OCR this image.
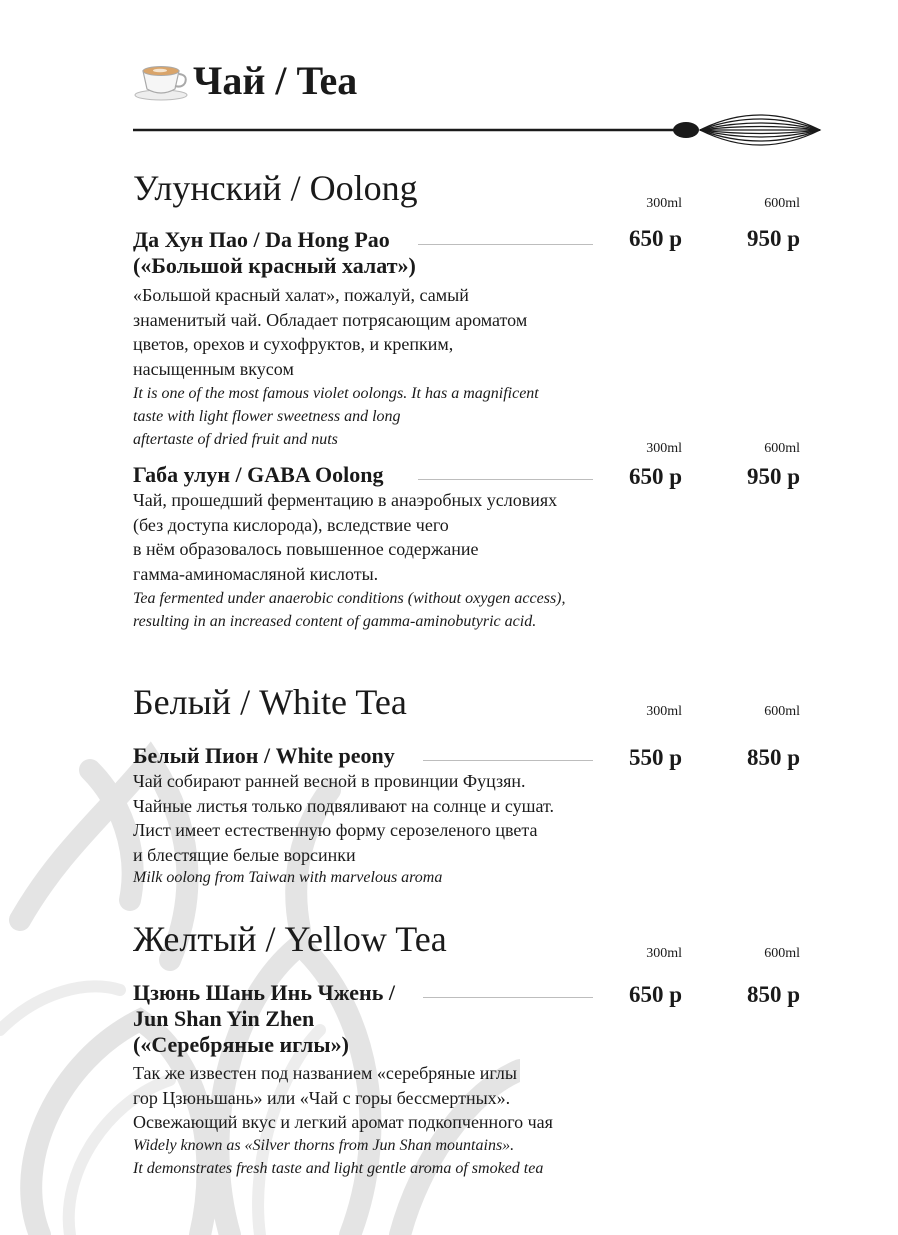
Чай / Tea
Улунский / Oolong	300ml	600ml
650 р	950 р
Да Хун Пао / Da Hong Pao
(«Большой красный халат»)
«Большой красный халат», пожалуй, самый
знаменитый чай. Обладает потрясающим ароматом
цветов, орехов и сухофруктов, и крепким,
насыщенным вкусом
It is one of the most famous violet oolongs. It has a magnificent
taste with light flower sweetness and long
aftertaste of dried fruit and nuts
300ml	600ml
650 р	950 р
Габа улун / GABA Oolong
Чай, прошедший ферментацию в анаэробных условиях
(без доступа кислорода), вследствие чего
в нём образовалось повышенное содержание
гамма-аминомасляной кислоты.
Tea fermented under anaerobic conditions (without oxygen access),
resulting in an increased content of gamma-aminobutyric acid.
Белый / White Tea	300ml	600ml
550 р	850 р
Белый Пион / White peony
Чай собирают ранней весной в провинции Фуцзян.
Чайные листья только подвяливают на солнце и сушат.
Лист имеет естественную форму серозеленого цвета
и блестящие белые ворсинки
Milk oolong from Taiwan with marvelous aroma
Желтый / Yellow Tea	300ml	600ml
650 р	850 р
Цзюнь Шань Инь Чжень /
Jun Shan Yin Zhen
(«Серебряные иглы»)
Так же известен под названием «серебряные иглы
гор Цзюньшань» или «Чай с горы бессмертных».
Освежающий вкус и легкий аромат подкопченного чая
Widely known as «Silver thorns from Jun Shan mountains».
It demonstrates fresh taste and light gentle aroma of smoked tea
